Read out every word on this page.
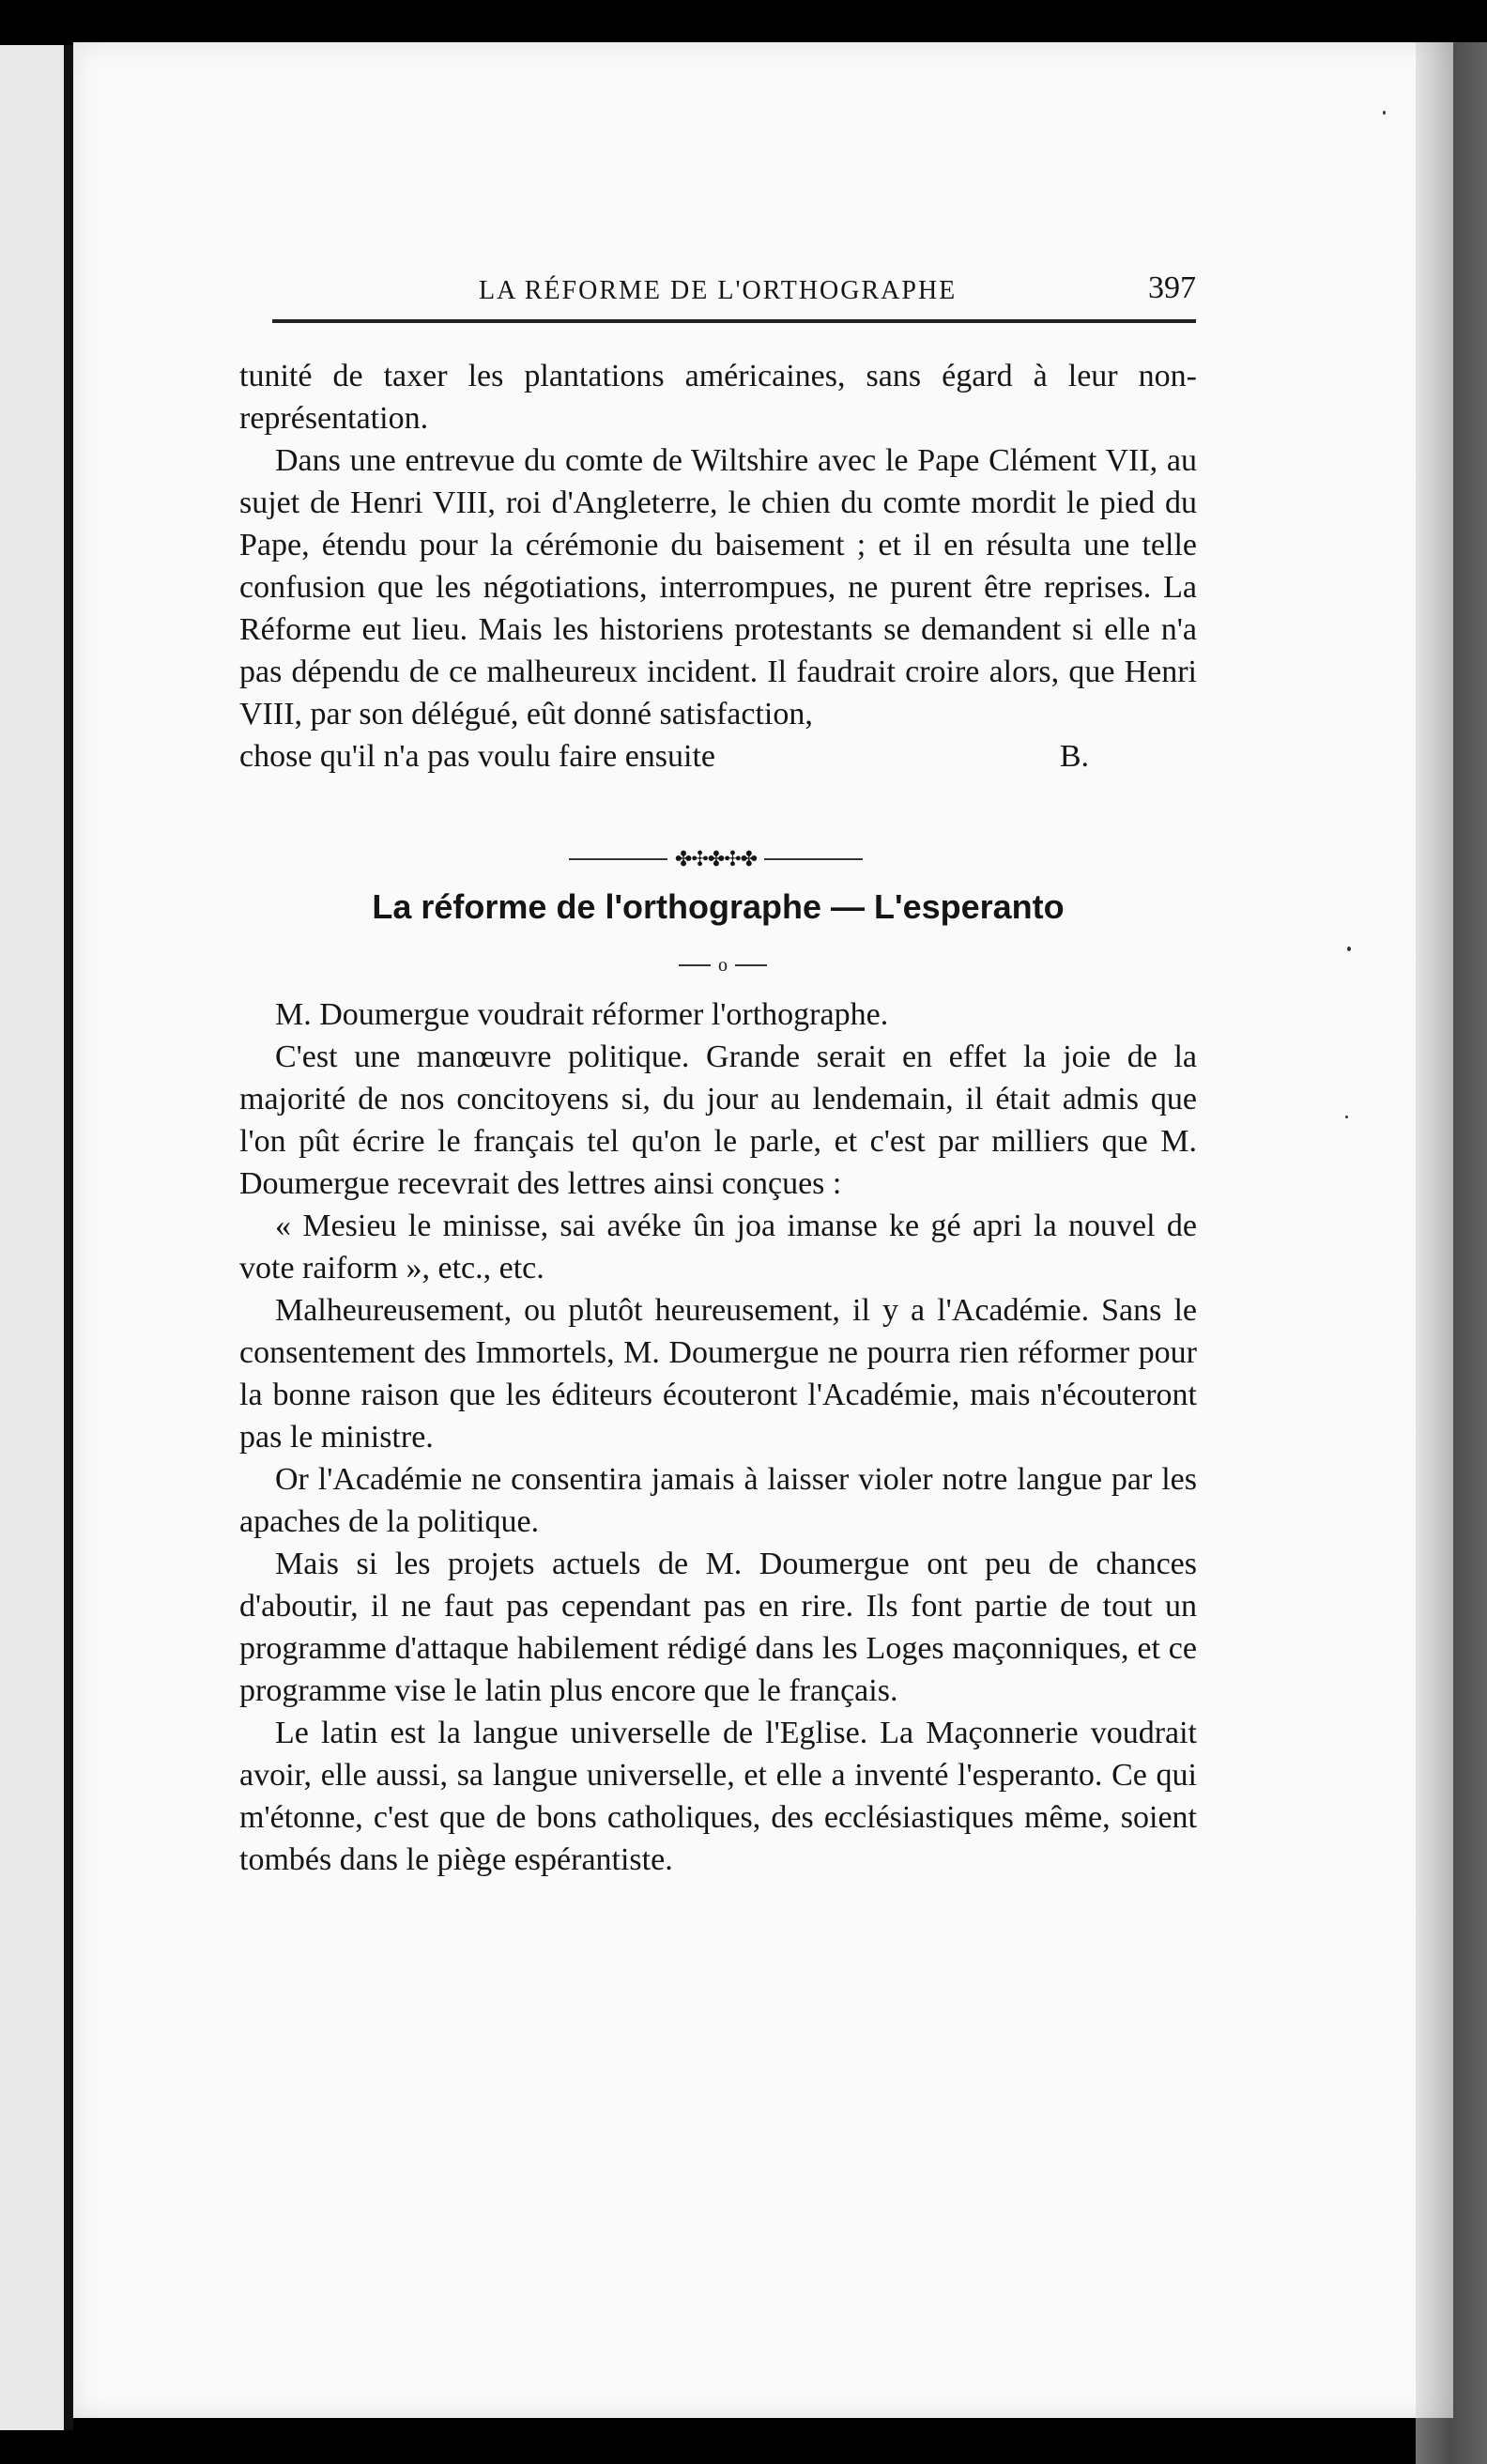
LA RÉFORME DE L'ORTHOGRAPHE	397

tunité de taxer les plantations américaines, sans égard à leur non-représentation.

Dans une entrevue du comte de Wiltshire avec le Pape Clément VII, au sujet de Henri VIII, roi d'Angleterre, le chien du comte mordit le pied du Pape, étendu pour la cérémonie du baisement ; et il en résulta une telle confusion que les négotiations, interrompues, ne purent être reprises. La Réforme eut lieu. Mais les historiens protestants se demandent si elle n'a pas dépendu de ce malheureux incident. Il faudrait croire alors, que Henri VIII, par son délégué, eût donné satisfaction,

chose qu'il n'a pas voulu faire ensuite	B.
✤✣✤✣✤
La réforme de l'orthographe — L'esperanto
o

M. Doumergue voudrait réformer l'orthographe.

C'est une manœuvre politique. Grande serait en effet la joie de la majorité de nos concitoyens si, du jour au lendemain, il était admis que l'on pût écrire le français tel qu'on le parle, et c'est par milliers que M. Doumergue recevrait des lettres ainsi conçues :

« Mesieu le minisse, sai avéke ûn joa imanse ke gé apri la nouvel de vote raiform », etc., etc.

Malheureusement, ou plutôt heureusement, il y a l'Académie. Sans le consentement des Immortels, M. Doumergue ne pourra rien réformer pour la bonne raison que les éditeurs écouteront l'Académie, mais n'écouteront pas le ministre.

Or l'Académie ne consentira jamais à laisser violer notre langue par les apaches de la politique.

Mais si les projets actuels de M. Doumergue ont peu de chances d'aboutir, il ne faut pas cependant pas en rire. Ils font partie de tout un programme d'attaque habilement rédigé dans les Loges maçonniques, et ce programme vise le latin plus encore que le français.

Le latin est la langue universelle de l'Eglise. La Maçonnerie voudrait avoir, elle aussi, sa langue universelle, et elle a inventé l'esperanto. Ce qui m'étonne, c'est que de bons catholiques, des ecclésiastiques même, soient tombés dans le piège espérantiste.
